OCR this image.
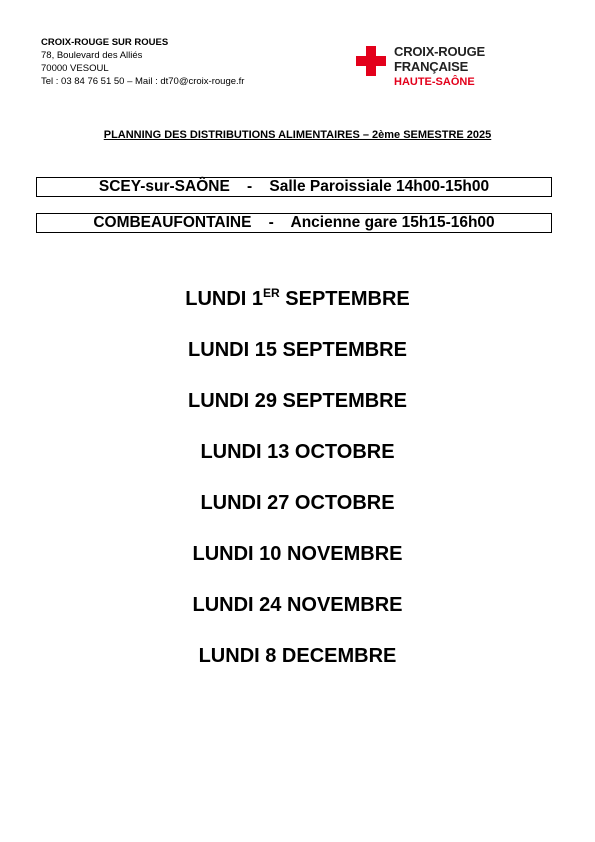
CROIX-ROUGE SUR ROUES
78, Boulevard des Alliés
70000 VESOUL
Tel : 03 84 76 51 50 – Mail : dt70@croix-rouge.fr
CROIX-ROUGE
FRANÇAISE
HAUTE-SAÔNE
PLANNING DES DISTRIBUTIONS ALIMENTAIRES – 2ème SEMESTRE 2025
SCEY-sur-SAÔNE    -    Salle Paroissiale 14h00-15h00
COMBEAUFONTAINE    -    Ancienne gare 15h15-16h00
LUNDI 1ER SEPTEMBRE
LUNDI 15 SEPTEMBRE
LUNDI 29 SEPTEMBRE
LUNDI 13 OCTOBRE
LUNDI 27 OCTOBRE
LUNDI 10 NOVEMBRE
LUNDI 24 NOVEMBRE
LUNDI 8 DECEMBRE
